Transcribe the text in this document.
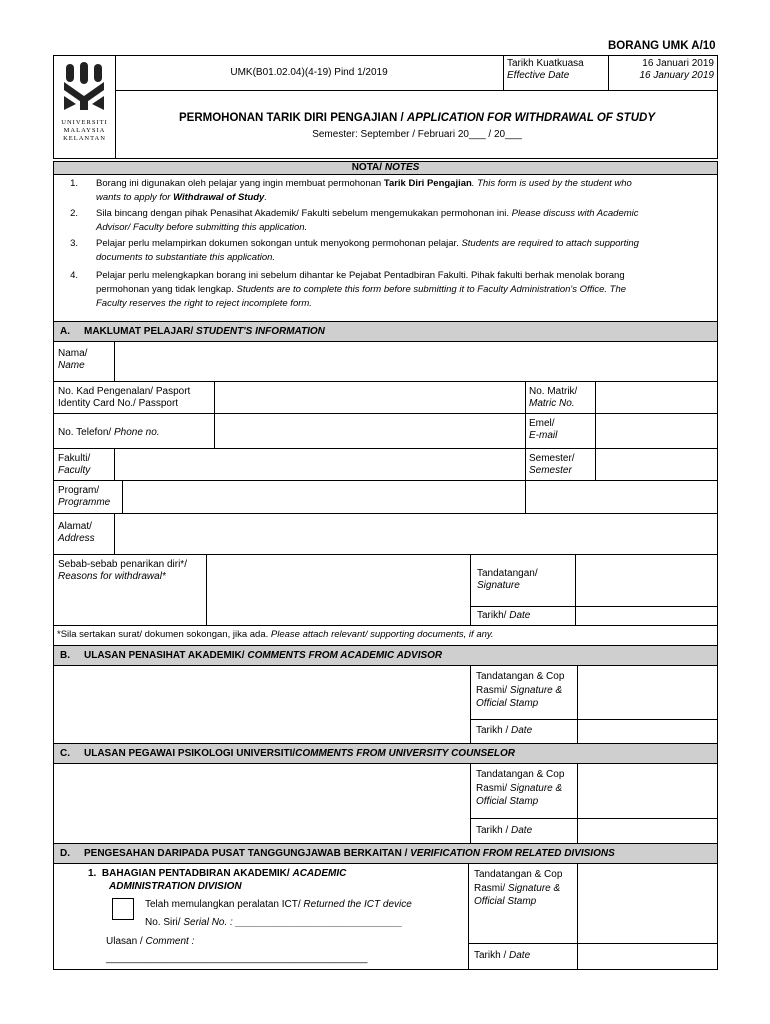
BORANG UMK A/10
UNIVERSITI
MALAYSIA
KELANTAN
UMK(B01.02.04)(4-19) Pind 1/2019
Tarikh Kuatkuasa
Effective Date
16 Januari 2019
16 January 2019
PERMOHONAN TARIK DIRI PENGAJIAN / APPLICATION FOR WITHDRAWAL OF STUDY
Semester: September / Februari 20___ / 20___
NOTA/ NOTES
1. Borang ini digunakan oleh pelajar yang ingin membuat permohonan Tarik Diri Pengajian. This form is used by the student who
wants to apply for Withdrawal of Study.
2. Sila bincang dengan pihak Penasihat Akademik/ Fakulti sebelum mengemukakan permohonan ini. Please discuss with Academic
Advisor/ Faculty before submitting this application.
3. Pelajar perlu melampirkan dokumen sokongan untuk menyokong permohonan pelajar. Students are required to attach supporting
documents to substantiate this application.
4. Pelajar perlu melengkapkan borang ini sebelum dihantar ke Pejabat Pentadbiran Fakulti. Pihak fakulti berhak menolak borang
permohonan yang tidak lengkap. Students are to complete this form before submitting it to Faculty Administration's Office. The
Faculty reserves the right to reject incomplete form.
A. MAKLUMAT PELAJAR/ STUDENT'S INFORMATION
Nama/
Name
No. Kad Pengenalan/ Pasport
Identity Card No./ Passport
No. Matrik/
Matric No.
No. Telefon/ Phone no.
Emel/
E-mail
Fakulti/
Faculty
Semester/
Semester
Program/
Programme
Alamat/
Address
Sebab-sebab penarikan diri*/
Reasons for withdrawal*	Tandatangan/
Signature
Tarikh/ Date
*Sila sertakan surat/ dokumen sokongan, jika ada. Please attach relevant/ supporting documents, if any.
B. ULASAN PENASIHAT AKADEMIK/ COMMENTS FROM ACADEMIC ADVISOR
Tandatangan & Cop
Rasmi/ Signature &
Official Stamp
Tarikh / Date
C. ULASAN PEGAWAI PSIKOLOGI UNIVERSITI/COMMENTS FROM UNIVERSITY COUNSELOR
Tandatangan & Cop
Rasmi/ Signature &
Official Stamp
Tarikh / Date
D. PENGESAHAN DARIPADA PUSAT TANGGUNGJAWAB BERKAITAN / VERIFICATION FROM RELATED DIVISIONS
1. BAHAGIAN PENTADBIRAN AKADEMIK/ ACADEMIC
ADMINISTRATION DIVISION
Telah memulangkan peralatan ICT/ Returned the ICT device
No. Siri/ Serial No. : ______________________________
Ulasan / Comment :
_______________________________________________
Tandatangan & Cop
Rasmi/ Signature &
Official Stamp
Tarikh / Date
